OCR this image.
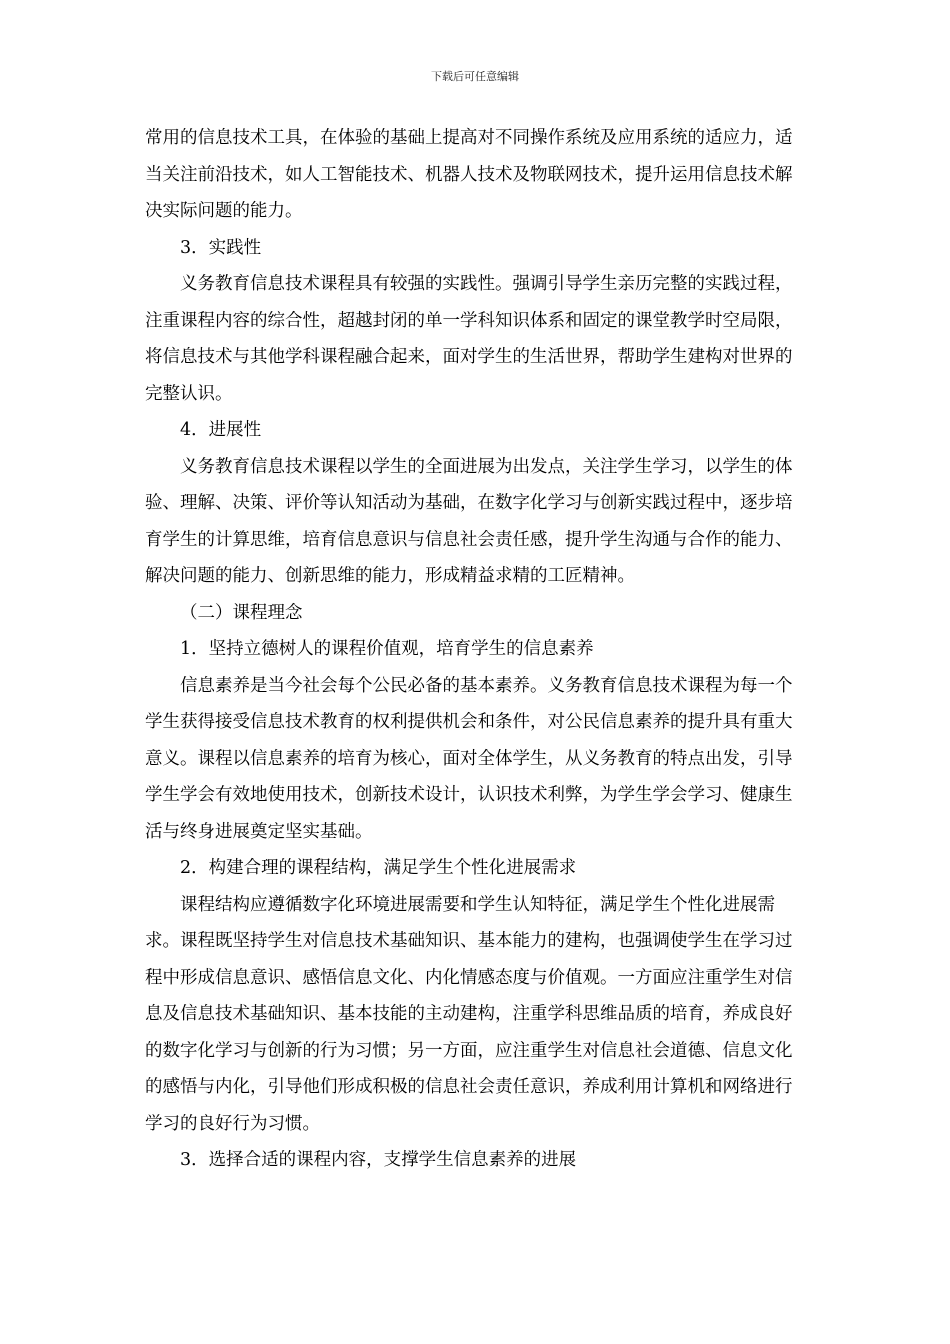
下载后可任意编辑

常用的信息技术工具，在体验的基础上提高对不同操作系统及应用系统的适应力，适当关注前沿技术，如人工智能技术、机器人技术及物联网技术，提升运用信息技术解决实际问题的能力。

3．实践性

义务教育信息技术课程具有较强的实践性。强调引导学生亲历完整的实践过程，注重课程内容的综合性，超越封闭的单一学科知识体系和固定的课堂教学时空局限，将信息技术与其他学科课程融合起来，面对学生的生活世界，帮助学生建构对世界的完整认识。

4．进展性

义务教育信息技术课程以学生的全面进展为出发点，关注学生学习，以学生的体验、理解、决策、评价等认知活动为基础，在数字化学习与创新实践过程中，逐步培育学生的计算思维，培育信息意识与信息社会责任感，提升学生沟通与合作的能力、解决问题的能力、创新思维的能力，形成精益求精的工匠精神。

（二）课程理念

1．坚持立德树人的课程价值观，培育学生的信息素养

信息素养是当今社会每个公民必备的基本素养。义务教育信息技术课程为每一个学生获得接受信息技术教育的权利提供机会和条件，对公民信息素养的提升具有重大意义。课程以信息素养的培育为核心，面对全体学生，从义务教育的特点出发，引导学生学会有效地使用技术，创新技术设计，认识技术利弊，为学生学会学习、健康生活与终身进展奠定坚实基础。

2．构建合理的课程结构，满足学生个性化进展需求

课程结构应遵循数字化环境进展需要和学生认知特征，满足学生个性化进展需求。课程既坚持学生对信息技术基础知识、基本能力的建构，也强调使学生在学习过程中形成信息意识、感悟信息文化、内化情感态度与价值观。一方面应注重学生对信息及信息技术基础知识、基本技能的主动建构，注重学科思维品质的培育，养成良好的数字化学习与创新的行为习惯；另一方面，应注重学生对信息社会道德、信息文化的感悟与内化，引导他们形成积极的信息社会责任意识，养成利用计算机和网络进行学习的良好行为习惯。

3．选择合适的课程内容，支撑学生信息素养的进展
